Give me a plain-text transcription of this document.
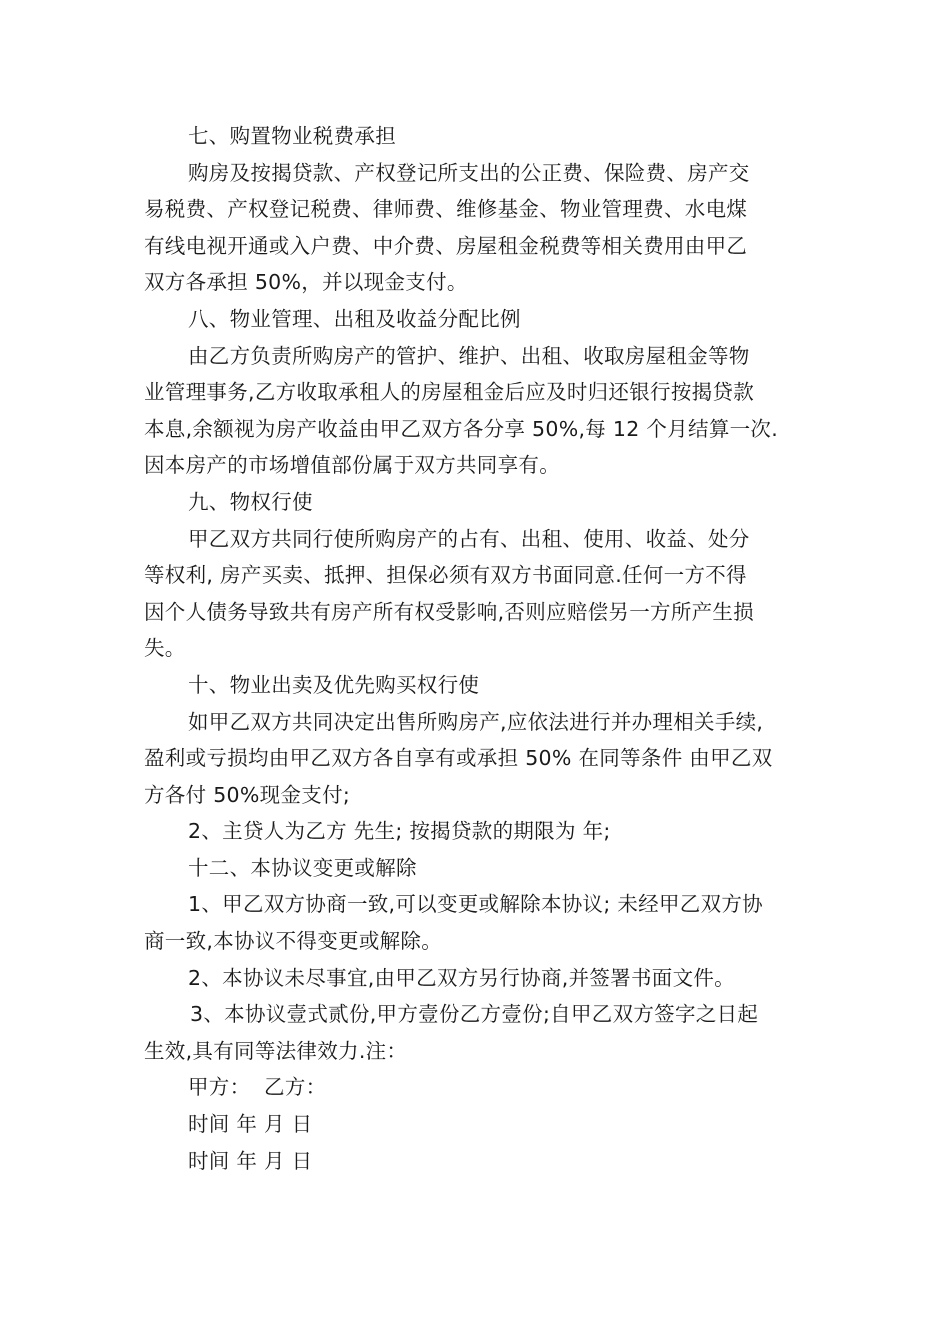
七、购置物业税费承担
购房及按揭贷款、产权登记所支出的公正费、保险费、房产交
易税费、产权登记税费、律师费、维修基金、物业管理费、水电煤
有线电视开通或入户费、中介费、房屋租金税费等相关费用由甲乙
双方各承担 50%，并以现金支付。
八、物业管理、出租及收益分配比例
由乙方负责所购房产的管护、维护、出租、收取房屋租金等物
业管理事务,乙方收取承租人的房屋租金后应及时归还银行按揭贷款
本息,余额视为房产收益由甲乙双方各分享 50%,每 12 个月结算一次.
因本房产的市场增值部份属于双方共同享有。
九、物权行使
甲乙双方共同行使所购房产的占有、出租、使用、收益、处分
等权利, 房产买卖、抵押、担保必须有双方书面同意.任何一方不得
因个人债务导致共有房产所有权受影响,否则应赔偿另一方所产生损
失。
十、物业出卖及优先购买权行使
如甲乙双方共同决定出售所购房产,应依法进行并办理相关手续,
盈利或亏损均由甲乙双方各自享有或承担 50% 在同等条件 由甲乙双
方各付 50%现金支付;
2、主贷人为乙方 先生; 按揭贷款的期限为 年;
十二、本协议变更或解除
1、甲乙双方协商一致,可以变更或解除本协议; 未经甲乙双方协
商一致,本协议不得变更或解除。
2、本协议未尽事宜,由甲乙双方另行协商,并签署书面文件。
3、本协议壹式贰份,甲方壹份乙方壹份;自甲乙双方签字之日起
生效,具有同等法律效力.注：
甲方：  乙方：
时间 年 月 日
时间 年 月 日
